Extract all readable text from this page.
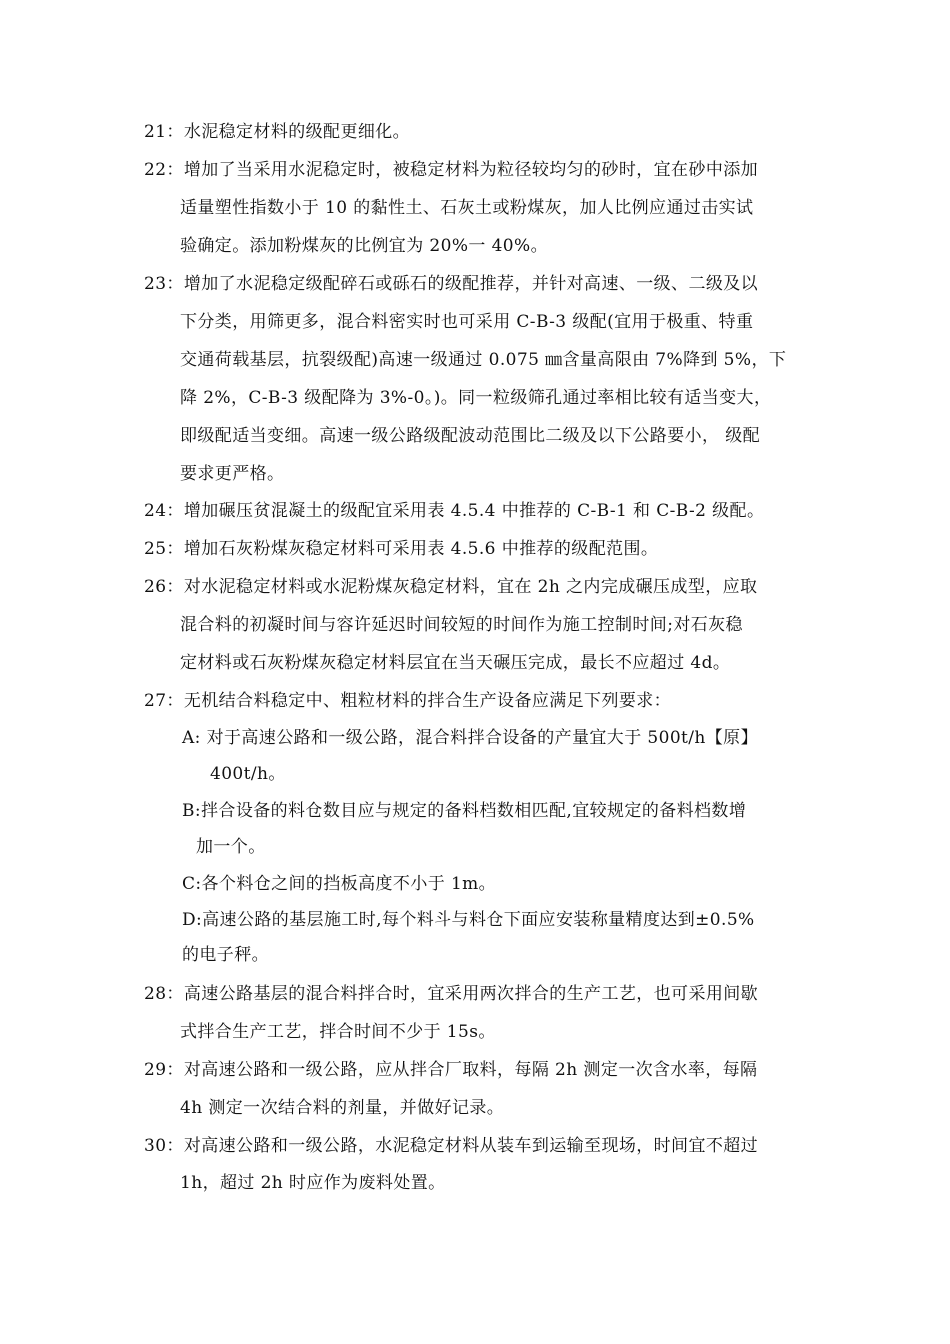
21：水泥稳定材料的级配更细化。
22：增加了当采用水泥稳定时，被稳定材料为粒径较均匀的砂时，宜在砂中添加
适量塑性指数小于 10 的黏性土、石灰土或粉煤灰，加人比例应通过击实试
验确定。添加粉煤灰的比例宜为 20%一 40%。
23：增加了水泥稳定级配碎石或砾石的级配推荐，并针对高速、一级、二级及以
下分类，用筛更多，混合料密实时也可采用 C-B-3 级配(宜用于极重、特重
交通荷载基层，抗裂级配)高速一级通过 0.075 ㎜含量高限由 7%降到 5%，下
降 2%，C-B-3 级配降为 3%-0。)。同一粒级筛孔通过率相比较有适当变大，
即级配适当变细。高速一级公路级配波动范围比二级及以下公路要小， 级配
要求更严格。
24：增加碾压贫混凝土的级配宜采用表 4.5.4 中推荐的 C-B-1 和 C-B-2 级配。
25：增加石灰粉煤灰稳定材料可采用表 4.5.6 中推荐的级配范围。
26：对水泥稳定材料或水泥粉煤灰稳定材料，宜在 2h 之内完成碾压成型，应取
混合料的初凝时间与容许延迟时间较短的时间作为施工控制时间;对石灰稳
定材料或石灰粉煤灰稳定材料层宜在当天碾压完成，最长不应超过 4d。
27：无机结合料稳定中、粗粒材料的拌合生产设备应满足下列要求：
A: 对于高速公路和一级公路，混合料拌合设备的产量宜大于 500t/h【原】
400t/h。
B:拌合设备的料仓数目应与规定的备料档数相匹配,宜较规定的备料档数增
加一个。
C:各个料仓之间的挡板高度不小于 1m。
D:高速公路的基层施工时,每个料斗与料仓下面应安装称量精度达到±0.5%
的电子秤。
28：高速公路基层的混合料拌合时，宜采用两次拌合的生产工艺，也可采用间歇
式拌合生产工艺，拌合时间不少于 15s。
29：对高速公路和一级公路，应从拌合厂取料，每隔 2h 测定一次含水率，每隔
4h 测定一次结合料的剂量，并做好记录。
30：对高速公路和一级公路，水泥稳定材料从装车到运输至现场，时间宜不超过
1h，超过 2h 时应作为废料处置。
